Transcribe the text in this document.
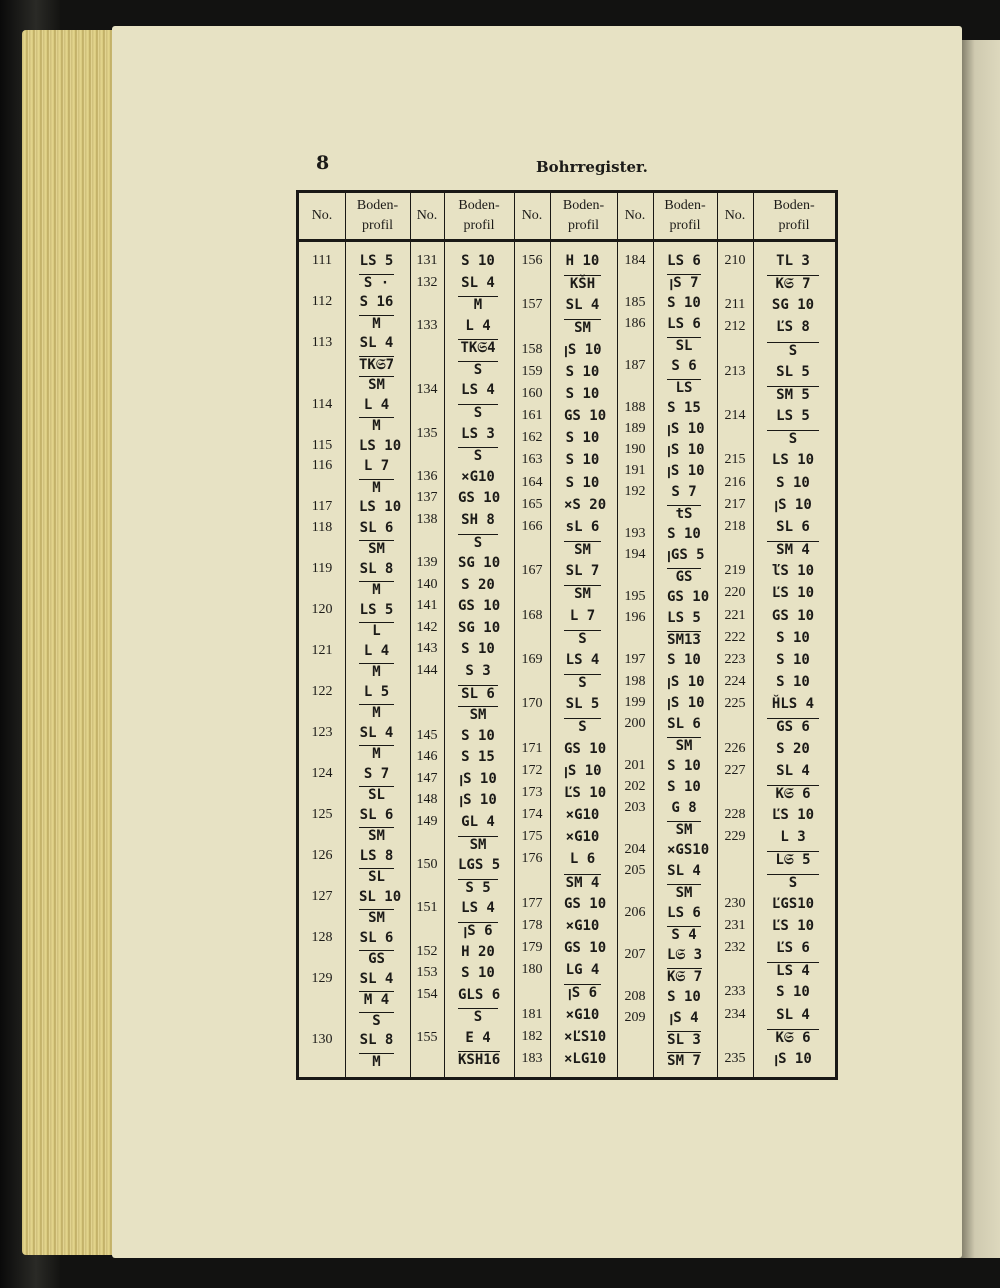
8	Bohrregister.
No.
Boden-
profil
111	LS 5
S ·
112	S 16
M
113	SL 4
TK𝔖7
SM
114	L 4
M
115	LS 10
116	L 7
M
117	LS 10
118	SL 6
SM
119	SL 8
M
120	LS 5
L
121	L 4
M
122	L 5
M
123	SL 4
M
124	S 7
SL
125	SL 6
SM
126	LS 8
SL
127	SL 10
SM
128	SL 6
GS
129	SL 4
M 4
S
130	SL 8
M
No.
Boden-
profil
131	S 10
132	SL 4
M
133	L 4
TK𝔖4
S
134	LS 4
S
135	LS 3
S
136	×G10
137	GS 10
138	SH 8
S
139	SG 10
140	S 20
141	GS 10
142	SG 10
143	S 10
144	S 3
SL 6
SM
145	S 10
146	S 15
147	ꞁS 10
148	ꞁS 10
149	GL 4
SM
150	LGS 5
S 5
151	LS 4
ꞁS 6
152	H 20
153	S 10
154	GLS 6
S
155	E 4
KSH16
No.
Boden-
profil
156	H 10
KŠH
157	SL 4
SM
158	ꞁS 10
159	S 10
160	S 10
161	GS 10
162	S 10
163	S 10
164	S 10
165	×S 20
166	sL 6
SM
167	SL 7
SM
168	L 7
S
169	LS 4
S
170	SL 5
S
171	GS 10
172	ꞁS 10
173	ĽS 10
174	×G10
175	×G10
176	L 6
SM 4
177	GS 10
178	×G10
179	GS 10
180	LG 4
ꞁS 6
181	×G10
182	×ĽS10
183	×LG10
No.
Boden-
profil
184	LS 6
ꞁS 7
185	S 10
186	LS 6
SL
187	S 6
LS
188	S 15
189	ꞁS 10
190	ꞁS 10
191	ꞁS 10
192	S 7
tS
193	S 10
194	ꞁGS 5
GS
195	GS 10
196	LS 5
SM13
197	S 10
198	ꞁS 10
199	ꞁS 10
200	SL 6
SM
201	S 10
202	S 10
203	G 8
SM
204	×GS10
205	SL 4
SM
206	LS 6
S 4
207	L𝔖 3
K𝔖 7
208	S 10
209	ꞁS 4
SL 3
SM 7
No.
Boden-
profil
210	TL 3
K𝔖 7
211	SG 10
212	ĽS 8
S
213	SL 5
SM 5
214	LS 5
S
215	LS 10
216	S 10
217	ꞁS 10
218	SL 6
SM 4
219	ľS 10
220	ĽS 10
221	GS 10
222	S 10
223	S 10
224	S 10
225	ȞLS 4
GS 6
226	S 20
227	SL 4
K𝔖 6
228	ĽS 10
229	L 3
L𝔖 5
S
230	ĽGS10
231	ĽS 10
232	ĽS 6
LS 4
233	S 10
234	SL 4
K𝔖 6
235	ꞁS 10
